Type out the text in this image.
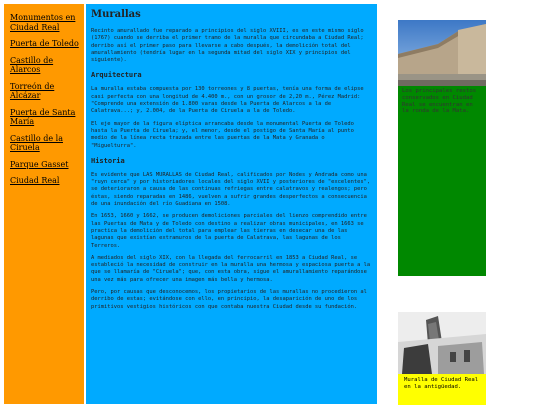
Monumentos en Ciudad Real
Puerta de Toledo
Castillo de Alarcos
Torreón de Alcázar
Puerta de Santa María
Castillo de la Ciruela
Parque Gasset
Ciudad Real
Murallas

Recinto amurallado fue reparado a principios del siglo XVIII, es en este mismo siglo (1767) cuando se derriba el primer tramo de la muralla que circundaba a Ciudad Real; derribo así el primer paso para llevarse a cabo después, la demolición total del amurallamiento (tendría lugar en la segunda mitad del siglo XIX y principios del siguiente).

Arquitectura

La muralla estaba compuesta por 130 torreones y 8 puertas, tenía una forma de elipse casi perfecta con una longitud de 4.400 m., con un grosor de 2,20 m., Pérez Madrid: "Comprende una extensión de 1.800 varas desde la Puerta de Alarcos a la de Calatrava...; y, 2.004, de la Puerta de Ciruela a la de Toledo.

El eje mayor de la figura elíptica arrancaba desde la monumental Puerta de Toledo hasta la Puerta de Ciruela; y, el menor, desde el postigo de Santa María al punto medio de la línea recta trazada entre las puertas de la Mata y Granada o "Miguelturra".

Historia

Es evidente que LAS MURALLAS de Ciudad Real, calificados por Nodes y Andrada como una "ruyn cerca" y por historiadores locales del siglo XVII y posteriores de "excelentes", se deterioraron a causa de las continuas refriegas entre calatravos y realengos; pero éstas, siendo reparadas en 1486, vuelven a sufrir grandes desperfectos a consecuencia de una inundación del río Guadiana en 1508.

En 1653, 1660 y 1662, se producen demoliciones parciales del lienzo comprendido entre las Puertas de Mata y de Toledo con destino a realizar obras municipales, en 1663 se practica la demolición del total para emplear las tierras en desecar una de las lagunas que existían extramuros de la puerta de Calatrava, las lagunas de los Terreros.

A mediados del siglo XIX, con la llegada del ferrocarril en 1853 a Ciudad Real, se estableció la necesidad de construir en la muralla una hermosa y espaciosa puerta a la que se llamaría de "Ciruela"; que, con esta obra, sigue el amurallamiento reparándose una vez más para ofrecer una imagen más bella y hermosa.

Pero, por causas que desconocemos, los propietarios de las murallas no procedieron al derribo de estas; evitándose con ello, en principio, la desaparición de uno de los primitivos vestigios históricos con que contaba nuestra Ciudad desde su fundación.

Los principales restos conservados en Ciudad Real se encuentran en la ronda de la Mata.
Muralla de Ciudad Real en la antigüedad.
